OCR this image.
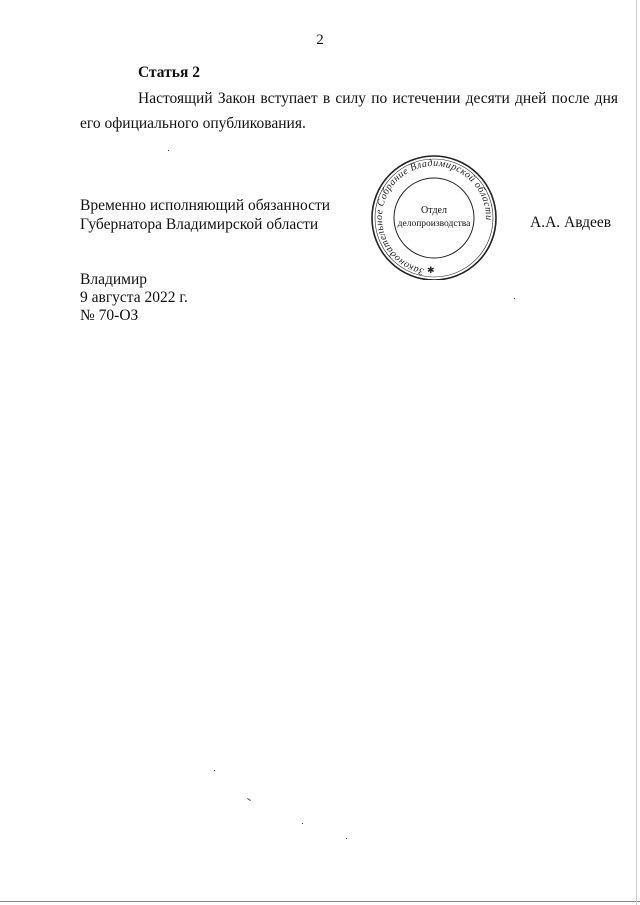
2
Статья 2

Настоящий Закон вступает в силу по истечении десяти дней после дня его официального опубликования.

Временно исполняющий обязанности
Губернатора Владимирской области
Законодательное Собрание Владимирской области
✱
Отдел
делопроизводства	А.А. Авдеев
Владимир
9 августа 2022 г.
№ 70-ОЗ
